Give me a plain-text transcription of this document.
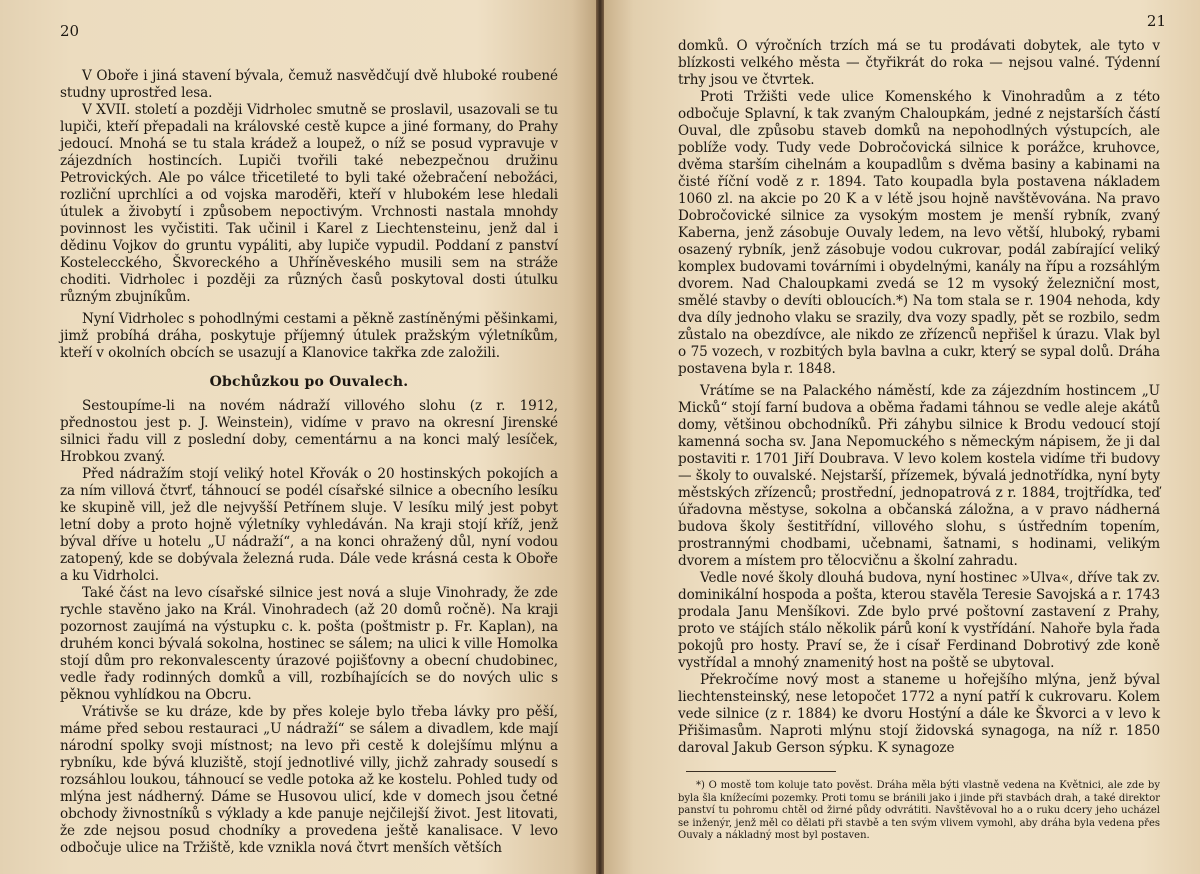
20

V Oboře i jiná stavení bývala, čemuž nasvědčují dvě hluboké roubené studny uprostřed lesa.

V XVII. století a později Vidrholec smutně se proslavil, usazovali se tu lupiči, kteří přepadali na královské cestě kupce a jiné formany, do Prahy jedoucí. Mnohá se tu stala krádež a loupež, o níž se posud vypravuje v zájezdních hostincích. Lupiči tvořili také nebezpečnou družinu Petrovických. Ale po válce třicetileté to byli také ožebračení nebožáci, rozliční uprchlíci a od vojska maroděři, kteří v hlubokém lese hledali útulek a živobytí i způsobem nepoctivým. Vrchnosti nastala mnohdy povinnost les vyčistiti. Tak učinil i Karel z Liechtensteinu, jenž dal i dědinu Vojkov do gruntu vypáliti, aby lupiče vypudil. Poddaní z panství Kostelecckého, Škvoreckého a Uhříněveského musili sem na stráže choditi. Vidrholec i později za různých časů poskytoval dosti útulku různým zbujníkům.

Nyní Vidrholec s pohodlnými cestami a pěkně zastíněnými pěšinkami, jimž probíhá dráha, poskytuje příjemný útulek pražským výletníkům, kteří v okolních obcích se usazují a Klanovice takřka zde založili.

Obchůzkou po Ouvalech.

Sestoupíme-li na novém nádraží villového slohu (z r. 1912, přednostou jest p. J. Weinstein), vidíme v pravo na okresní Jirenské silnici řadu vill z poslední doby, cementárnu a na konci malý lesíček, Hrobkou zvaný.

Před nádražím stojí veliký hotel Křovák o 20 hostinských pokojích a za ním villová čtvrť, táhnoucí se podél císařské silnice a obecního lesíku ke skupině vill, jež dle nejvyšší Petřínem sluje. V lesíku milý jest pobyt letní doby a proto hojně výletníky vyhledáván. Na kraji stojí kříž, jenž býval dříve u hotelu „U nádraží“, a na konci ohražený důl, nyní vodou zatopený, kde se dobývala železná ruda. Dále vede krásná cesta k Oboře a ku Vidrholci.

Také část na levo císařské silnice jest nová a sluje Vinohrady, že zde rychle stavěno jako na Král. Vinohradech (až 20 domů ročně). Na kraji pozornost zaujímá na výstupku c. k. pošta (poštmistr p. Fr. Kaplan), na druhém konci bývalá sokolna, hostinec se sálem; na ulici k ville Homolka stojí dům pro rekonvalescenty úrazové pojišťovny a obecní chudobinec, vedle řady rodinných domků a vill, rozbíhajících se do nových ulic s pěknou vyhlídkou na Obcru.

Vrátivše se ku dráze, kde by přes koleje bylo třeba lávky pro pěší, máme před sebou restauraci „U nádraží“ se sálem a divadlem, kde mají národní spolky svoji místnost; na levo při cestě k dolejšímu mlýnu a rybníku, kde bývá kluziště, stojí jednotlivé villy, jichž zahrady sousedí s rozsáhlou loukou, táhnoucí se vedle potoka až ke kostelu. Pohled tudy od mlýna jest nádherný. Dáme se Husovou ulicí, kde v domech jsou četné obchody živnostníků s výklady a kde panuje nejčilejší život. Jest litovati, že zde nejsou posud chodníky a provedena ještě kanalisace. V levo odbočuje ulice na Tržiště, kde vznikla nová čtvrt menších větších

21

domků. O výročních trzích má se tu prodávati dobytek, ale tyto v blízkosti velkého města — čtyřikrát do roka — nejsou valné. Týdenní trhy jsou ve čtvrtek.

Proti Tržišti vede ulice Komenského k Vinohradům a z této odbočuje Splavní, k tak zvaným Chaloupkám, jedné z nejstarších částí Ouval, dle způsobu staveb domků na nepohodlných výstupcích, ale poblíže vody. Tudy vede Dobročovická silnice k porážce, kruhovce, dvěma starším cihelnám a koupadlům s dvěma basiny a kabinami na čisté říční vodě z r. 1894. Tato koupadla byla postavena nákladem 1060 zl. na akcie po 20 K a v létě jsou hojně navštěvována. Na pravo Dobročovické silnice za vysokým mostem je menší rybník, zvaný Kaberna, jenž zásobuje Ouvaly ledem, na levo větší, hluboký, rybami osazený rybník, jenž zásobuje vodou cukrovar, podál zabírající veliký komplex budovami továrními i obydelnými, kanály na řípu a rozsáhlým dvorem. Nad Chaloupkami zvedá se 12 m vysoký železniční most, smělé stavby o devíti obloucích.*) Na tom stala se r. 1904 nehoda, kdy dva díly jednoho vlaku se srazily, dva vozy spadly, pět se rozbilo, sedm zůstalo na obezdívce, ale nikdo ze zřízenců nepřišel k úrazu. Vlak byl o 75 vozech, v rozbitých byla bavlna a cukr, který se sypal dolů. Dráha postavena byla r. 1848.

Vrátíme se na Palackého náměstí, kde za zájezdním hostincem „U Micků“ stojí farní budova a oběma řadami táhnou se vedle aleje akátů domy, většinou obchodníků. Při záhybu silnice k Brodu vedoucí stojí kamenná socha sv. Jana Nepomuckého s německým nápisem, že ji dal postaviti r. 1701 Jiří Doubrava. V levo kolem kostela vidíme tři budovy — školy to ouvalské. Nejstarší, přízemek, bývalá jednotřídka, nyní byty městských zřízenců; prostřední, jednopatrová z r. 1884, trojtřídka, teď úřadovna městyse, sokolna a občanská záložna, a v pravo nádherná budova školy šestitřídní, villového slohu, s ústředním topením, prostrannými chodbami, učebnami, šatnami, s hodinami, velikým dvorem a místem pro tělocvičnu a školní zahradu.

Vedle nové školy dlouhá budova, nyní hostinec »Ulva«, dříve tak zv. dominikální hospoda a pošta, kterou stavěla Teresie Savojská a r. 1743 prodala Janu Menšíkovi. Zde bylo prvé poštovní zastavení z Prahy, proto ve stájích stálo několik párů koní k vystřídání. Nahoře byla řada pokojů pro hosty. Praví se, že i císař Ferdinand Dobrotivý zde koně vystřídal a mnohý znamenitý host na poště se ubytoval.

Překročíme nový most a staneme u hořejšího mlýna, jenž býval liechtensteinský, nese letopočet 1772 a nyní patří k cukrovaru. Kolem vede silnice (z r. 1884) ke dvoru Hostýní a dále ke Škvorci a v levo k Přišimasům. Naproti mlýnu stojí židovská synagoga, na níž r. 1850 daroval Jakub Gerson sýpku. K synagoze

*) O mostě tom koluje tato pověst. Dráha měla býti vlastně vedena na Květnici, ale zde by byla šla knížecími pozemky. Proti tomu se bránili jako i jinde při stavbách drah, a také direktor panství tu pohromu chtěl od žirné půdy odvrátiti. Navštěvoval ho a o ruku dcery jeho ucházel se inženýr, jenž měl co dělati při stavbě a ten svým vlivem vymohl, aby dráha byla vedena přes Ouvaly a nákladný most byl postaven.
